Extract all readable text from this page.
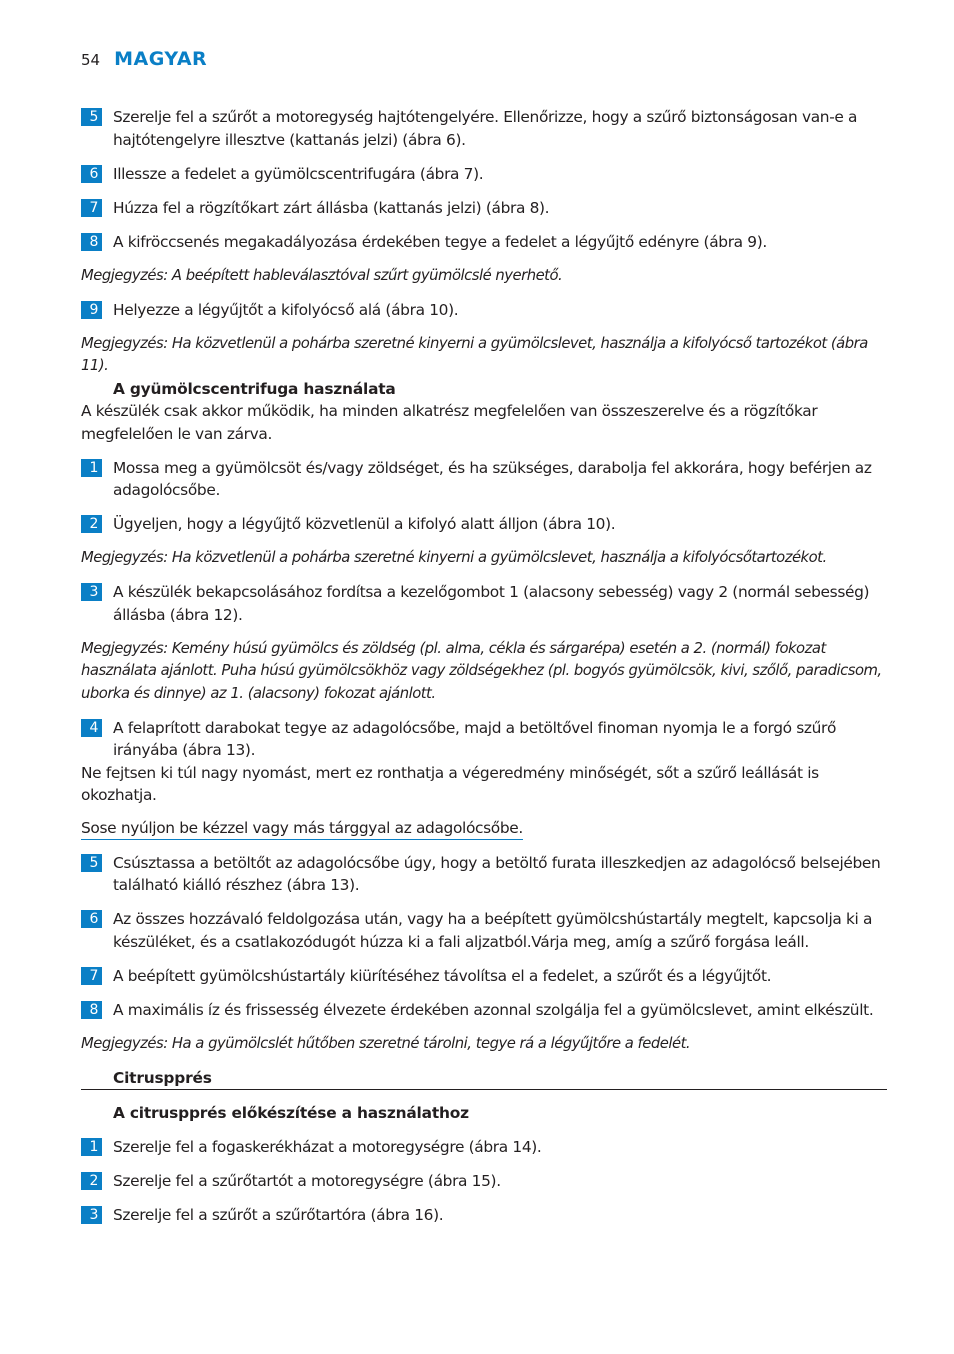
54 MAGYAR
5 Szerelje fel a szűrőt a motoregység hajtótengelyére. Ellenőrizze, hogy a szűrő biztonságosan van-e a hajtótengelyre illesztve (kattanás jelzi) (ábra 6).
6 Illessze a fedelet a gyümölcscentrifugára (ábra 7).
7 Húzza fel a rögzítőkart zárt állásba (kattanás jelzi) (ábra 8).
8 A kifröccsenés megakadályozása érdekében tegye a fedelet a légyűjtő edényre (ábra 9).
Megjegyzés: A beépített hableválasztóval szűrt gyümölcslé nyerhető.
9 Helyezze a légyűjtőt a kifolyócső alá (ábra 10).
Megjegyzés: Ha közvetlenül a pohárba szeretné kinyerni a gyümölcslevet, használja a kifolyócső tartozékot (ábra 11).
A gyümölcscentrifuga használata
A készülék csak akkor működik, ha minden alkatrész megfelelően van összeszerelve és a rögzítőkar megfelelően le van zárva.
1 Mossa meg a gyümölcsöt és/vagy zöldséget, és ha szükséges, darabolja fel akkorára, hogy beférjen az adagolócsőbe.
2 Ügyeljen, hogy a légyűjtő közvetlenül a kifolyó alatt álljon (ábra 10).
Megjegyzés: Ha közvetlenül a pohárba szeretné kinyerni a gyümölcslevet, használja a kifolyócsőtartozékot.
3 A készülék bekapcsolásához fordítsa a kezelőgombot 1 (alacsony sebesség) vagy 2 (normál sebesség) állásba (ábra 12).
Megjegyzés: Kemény húsú gyümölcs és zöldség (pl. alma, cékla és sárgarépa) esetén a 2. (normál) fokozat használata ajánlott. Puha húsú gyümölcsökhöz vagy zöldségekhez (pl. bogyós gyümölcsök, kivi, szőlő, paradicsom, uborka és dinnye) az 1. (alacsony) fokozat ajánlott.
4 A felaprított darabokat tegye az adagolócsőbe, majd a betöltővel finoman nyomja le a forgó szűrő irányába (ábra 13).
Ne fejtsen ki túl nagy nyomást, mert ez ronthatja a végeredmény minőségét, sőt a szűrő leállását is okozhatja.
Sose nyúljon be kézzel vagy más tárggyal az adagolócsőbe.
5 Csúsztassa a betöltőt az adagolócsőbe úgy, hogy a betöltő furata illeszkedjen az adagolócső belsejében található kiálló részhez (ábra 13).
6 Az összes hozzávaló feldolgozása után, vagy ha a beépített gyümölcshústartály megtelt, kapcsolja ki a készüléket, és a csatlakozódugót húzza ki a fali aljzatból.Várja meg, amíg a szűrő forgása leáll.
7 A beépített gyümölcshústartály kiürítéséhez távolítsa el a fedelet, a szűrőt és a légyűjtőt.
8 A maximális íz és frissesség élvezete érdekében azonnal szolgálja fel a gyümölcslevet, amint elkészült.
Megjegyzés: Ha a gyümölcslét hűtőben szeretné tárolni, tegye rá a légyűjtőre a fedelét.
Citruspprés
A citruspprés előkészítése a használathoz
1 Szerelje fel a fogaskerékházat a motoregységre (ábra 14).
2 Szerelje fel a szűrőtartót a motoregységre (ábra 15).
3 Szerelje fel a szűrőt a szűrőtartóra (ábra 16).
